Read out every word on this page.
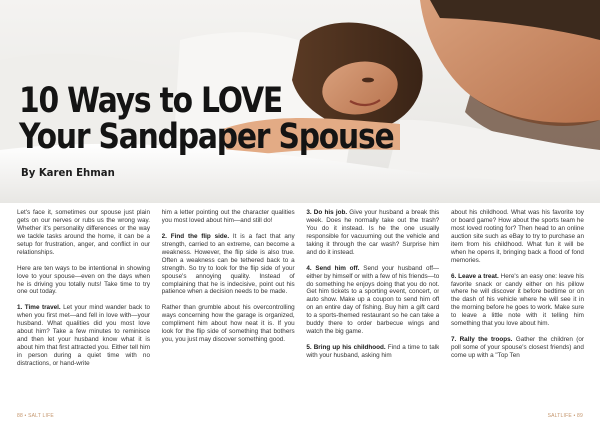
10 Ways to LOVE
Your Sandpaper Spouse

By Karen Ehman

Let's face it, sometimes our spouse just plain gets on our nerves or rubs us the wrong way. Whether it's personality differences or the way we tackle tasks around the home, it can be a setup for frustration, anger, and conflict in our relationships.

Here are ten ways to be intentional in showing love to your spouse—even on the days when he is driving you totally nuts! Take time to try one out today.

1. Time travel. Let your mind wander back to when you first met—and fell in love with—your husband. What qualities did you most love about him? Take a few minutes to reminisce and then let your husband know what it is about him that first attracted you. Either tell him in person during a quiet time with no distractions, or hand-write

him a letter pointing out the character qualities you most loved about him—and still do!

2. Find the flip side. It is a fact that any strength, carried to an extreme, can become a weakness. However, the flip side is also true. Often a weakness can be tethered back to a strength. So try to look for the flip side of your spouse's annoying quality. Instead of complaining that he is indecisive, point out his patience when a decision needs to be made.

Rather than grumble about his overcontrolling ways concerning how the garage is organized, compliment him about how neat it is. If you look for the flip side of something that bothers you, you just may discover something good.

3. Do his job. Give your husband a break this week. Does he normally take out the trash? You do it instead. Is he the one usually responsible for vacuuming out the vehicle and taking it through the car wash? Surprise him and do it instead.

4. Send him off. Send your husband off—either by himself or with a few of his friends—to do something he enjoys doing that you do not. Get him tickets to a sporting event, concert, or auto show. Make up a coupon to send him off on an entire day of fishing. Buy him a gift card to a sports-themed restaurant so he can take a buddy there to order barbecue wings and watch the big game.

5. Bring up his childhood. Find a time to talk with your husband, asking him

about his childhood. What was his favorite toy or board game? How about the sports team he most loved rooting for? Then head to an online auction site such as eBay to try to purchase an item from his childhood. What fun it will be when he opens it, bringing back a flood of fond memories.

6. Leave a treat. Here's an easy one: leave his favorite snack or candy either on his pillow where he will discover it before bedtime or on the dash of his vehicle where he will see it in the morning before he goes to work. Make sure to leave a little note with it telling him something that you love about him.

7. Rally the troops. Gather the children (or poll some of your spouse's closest friends) and come up with a "Top Ten

88 • SALT LIFE	SALTLIFE • 89
